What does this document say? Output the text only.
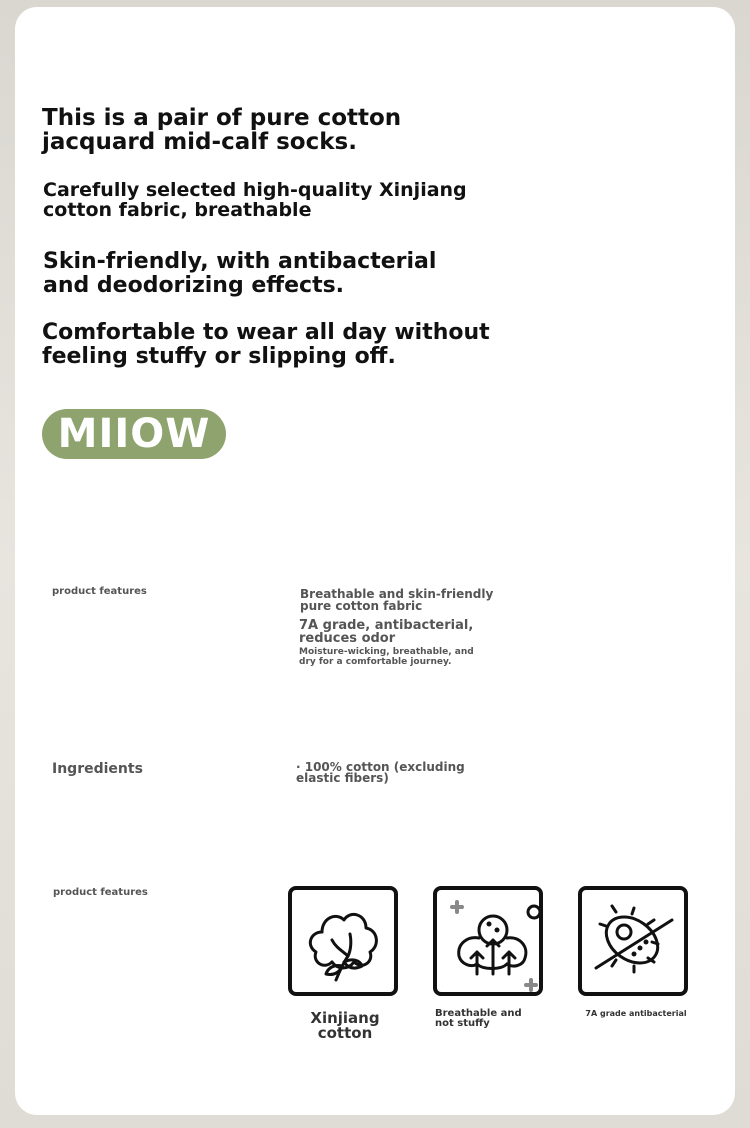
This is a pair of pure cotton
jacquard mid-calf socks.
Carefully selected high-quality Xinjiang
cotton fabric, breathable
Skin-friendly, with antibacterial
and deodorizing effects.
Comfortable to wear all day without
feeling stuffy or slipping off.
MIIOW
product features	Breathable and skin-friendly
pure cotton fabric
7A grade, antibacterial,
reduces odor
Moisture-wicking, breathable, and
dry for a comfortable journey.
Ingredients	· 100% cotton (excluding
elastic fibers)
product features
Xinjiang
cotton
Breathable and
not stuffy
7A grade antibacterial
